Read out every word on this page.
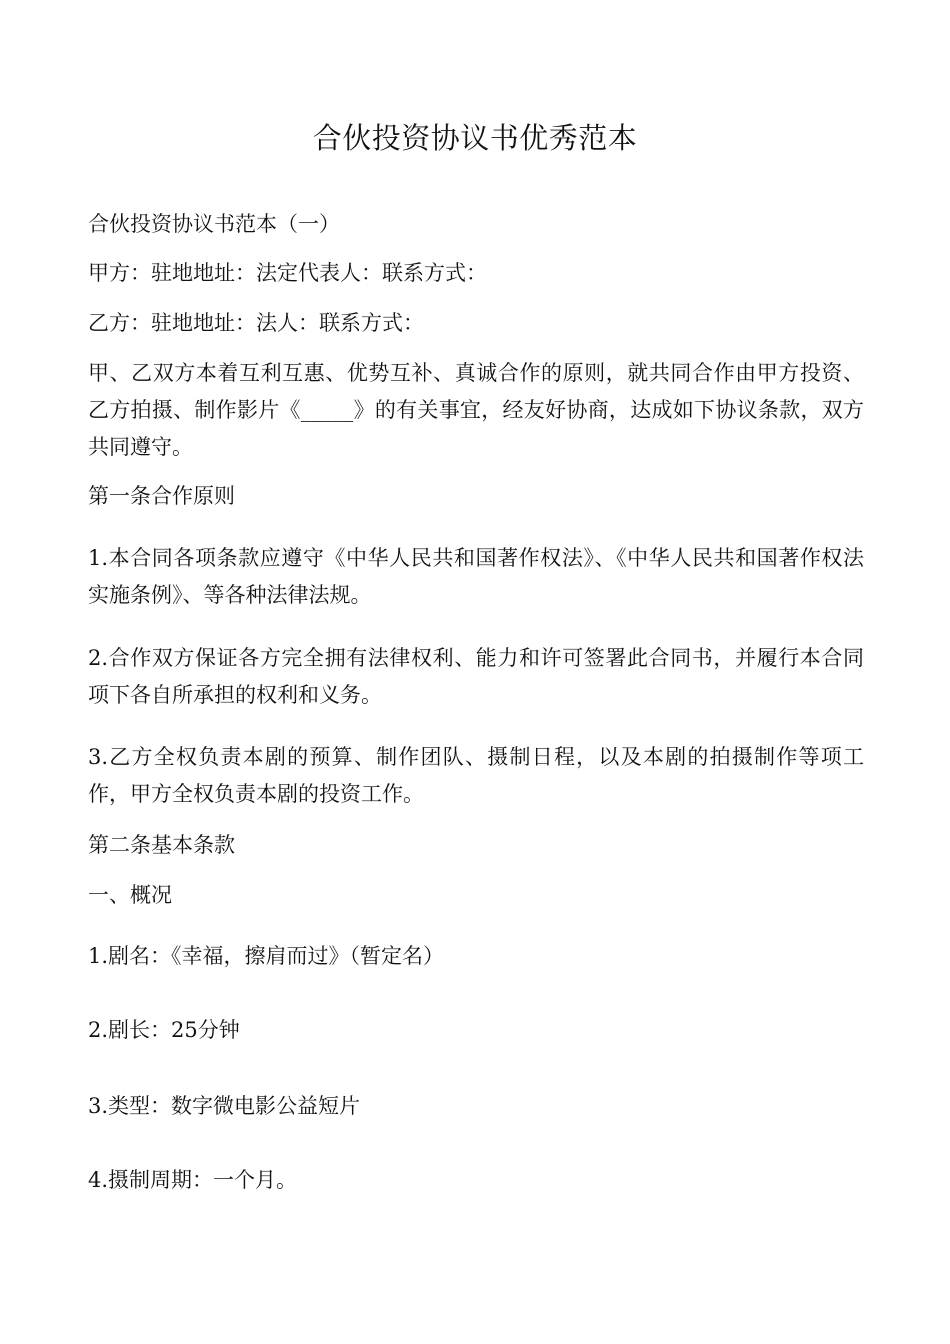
合伙投资协议书优秀范本

合伙投资协议书范本（一）

甲方：驻地地址：法定代表人：联系方式：

乙方：驻地地址：法人：联系方式：

甲、乙双方本着互利互惠、优势互补、真诚合作的原则，就共同合作由甲方投资、乙方拍摄、制作影片《_____》的有关事宜，经友好协商，达成如下协议条款，双方共同遵守。

第一条合作原则

1.本合同各项条款应遵守《中华人民共和国著作权法》、《中华人民共和国著作权法实施条例》、等各种法律法规。

2.合作双方保证各方完全拥有法律权利、能力和许可签署此合同书，并履行本合同项下各自所承担的权利和义务。

3.乙方全权负责本剧的预算、制作团队、摄制日程，以及本剧的拍摄制作等项工作，甲方全权负责本剧的投资工作。

第二条基本条款

一、概况

1.剧名：《幸福，擦肩而过》（暂定名）

2.剧长：25分钟

3.类型：数字微电影公益短片

4.摄制周期：一个月。
